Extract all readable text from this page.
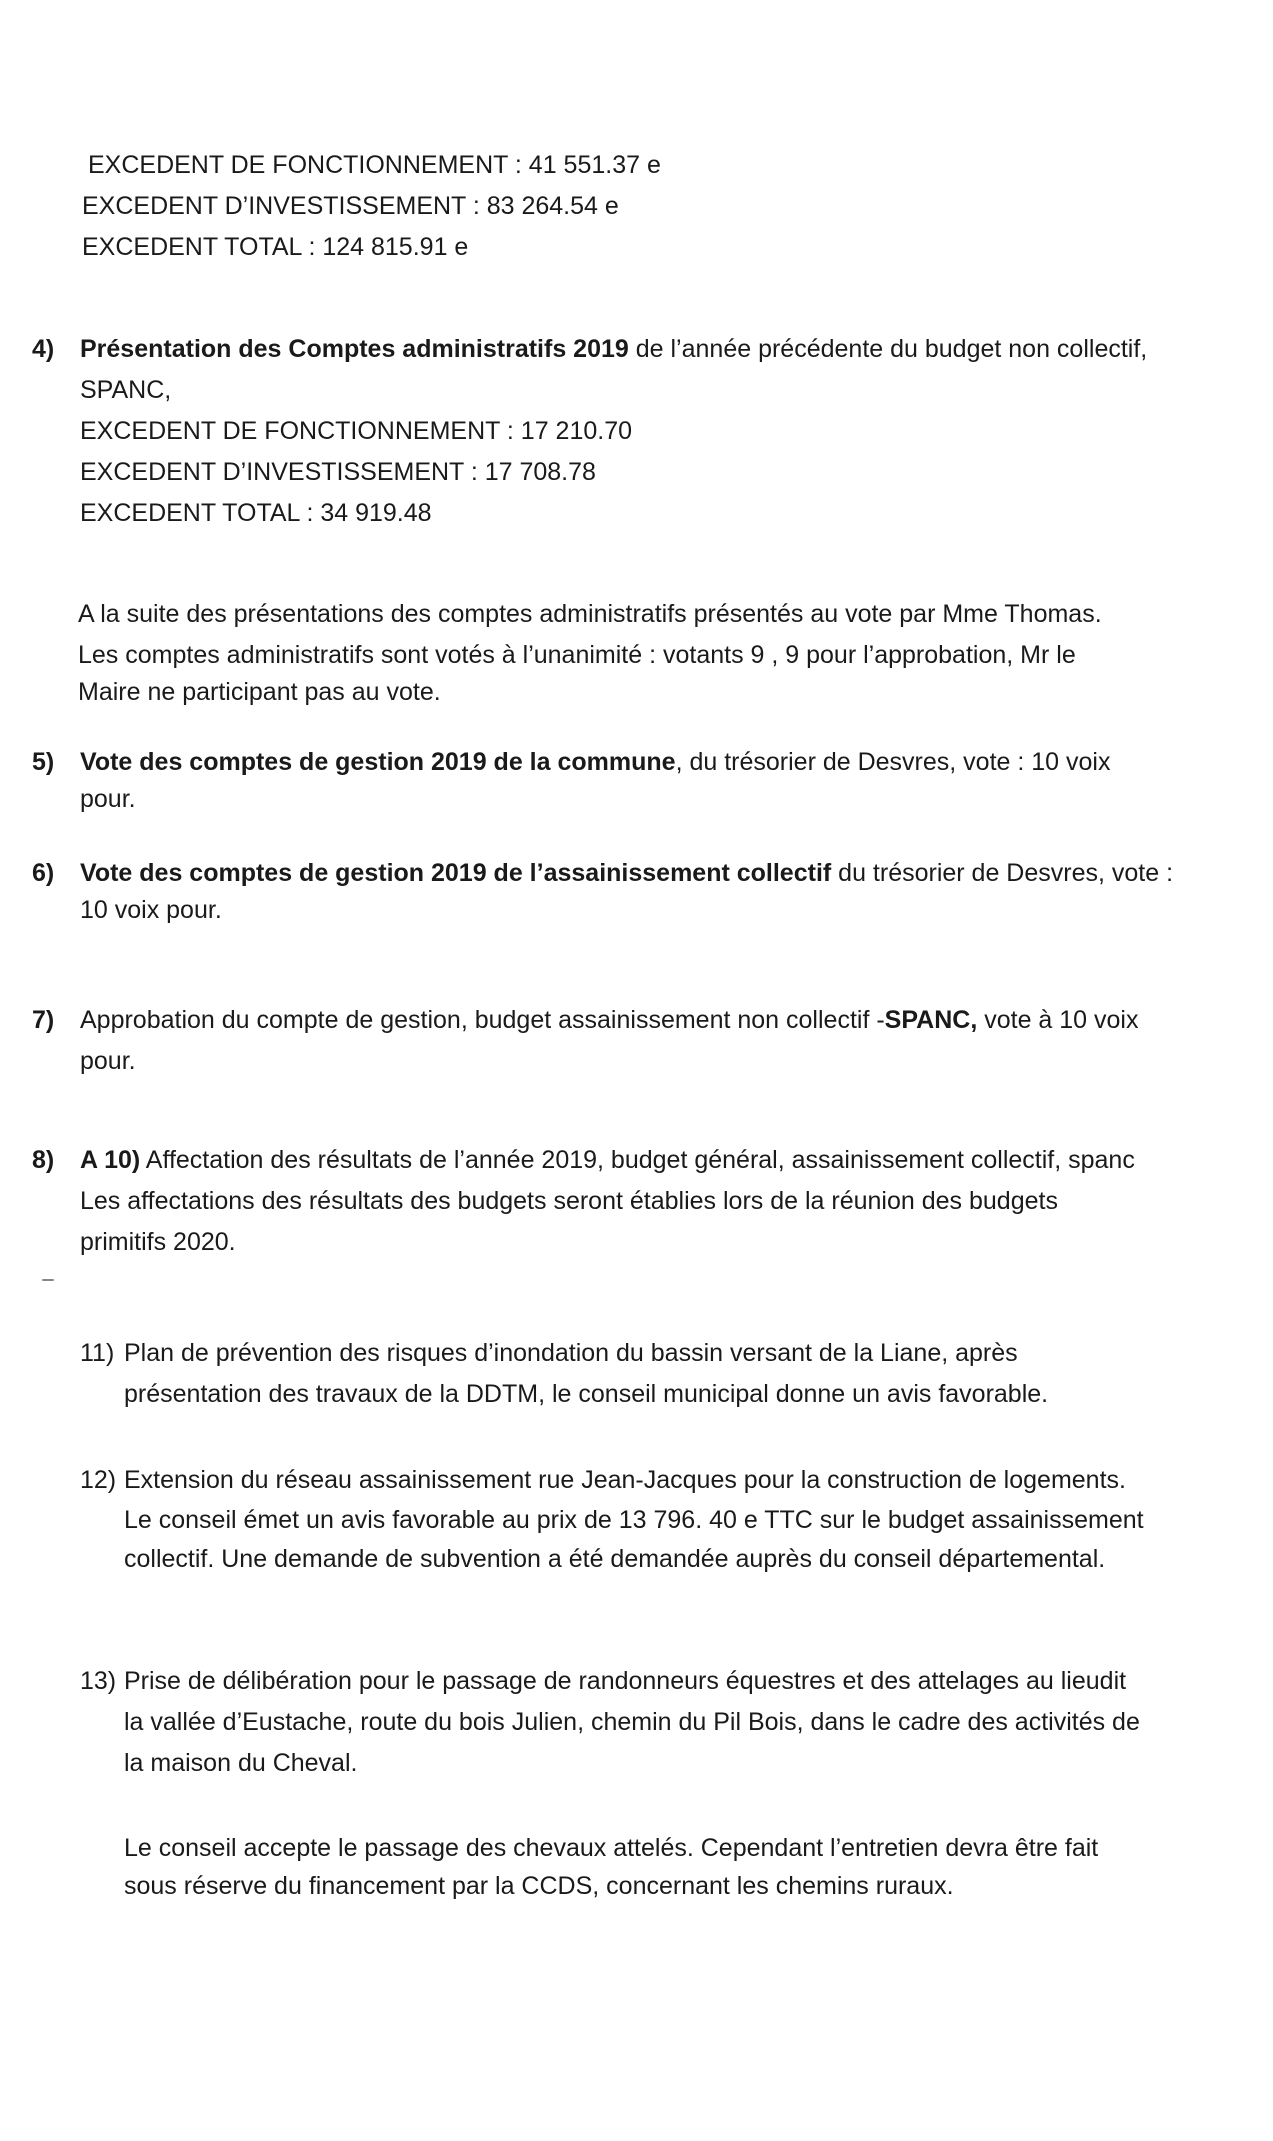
EXCEDENT DE FONCTIONNEMENT : 41 551.37 e
EXCEDENT D’INVESTISSEMENT : 83 264.54 e
EXCEDENT TOTAL : 124 815.91 e
4) Présentation des Comptes administratifs 2019 de l’année précédente du budget non collectif,
SPANC,
EXCEDENT DE FONCTIONNEMENT : 17 210.70
EXCEDENT D’INVESTISSEMENT : 17 708.78
EXCEDENT TOTAL : 34 919.48
A la suite des présentations des comptes administratifs présentés au vote par Mme Thomas.
Les comptes administratifs sont votés à l’unanimité : votants 9 , 9 pour l’approbation, Mr le
Maire ne participant pas au vote.
5) Vote des comptes de gestion 2019 de la commune, du trésorier de Desvres, vote : 10 voix
pour.
6) Vote des comptes de gestion 2019 de l’assainissement collectif du trésorier de Desvres, vote :
10 voix pour.
7) Approbation du compte de gestion, budget assainissement non collectif -SPANC, vote à 10 voix
pour.
8) A 10) Affectation des résultats de l’année 2019, budget général, assainissement collectif, spanc
Les affectations des résultats des budgets seront établies lors de la réunion des budgets
primitifs 2020.
11) Plan de prévention des risques d’inondation du bassin versant de la Liane, après
présentation des travaux de la DDTM, le conseil municipal donne un avis favorable.
12) Extension du réseau assainissement rue Jean-Jacques pour la construction de logements.
Le conseil émet un avis favorable au prix de 13 796. 40 e TTC sur le budget assainissement
collectif. Une demande de subvention a été demandée auprès du conseil départemental.
13) Prise de délibération pour le passage de randonneurs équestres et des attelages au lieudit
la vallée d’Eustache, route du bois Julien, chemin du Pil Bois, dans le cadre des activités de
la maison du Cheval.
Le conseil accepte le passage des chevaux attelés. Cependant l’entretien devra être fait
sous réserve du financement par la CCDS, concernant les chemins ruraux.
